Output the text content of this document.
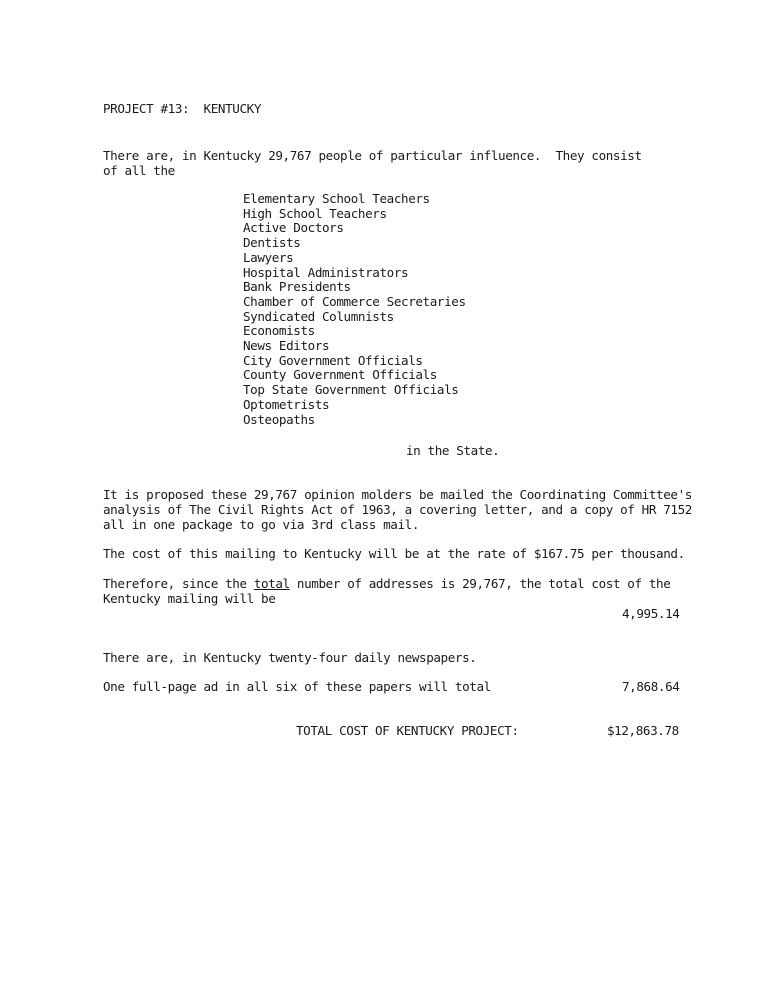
PROJECT #13:  KENTUCKY
There are, in Kentucky 29,767 people of particular influence.  They consist
of all the
Elementary School Teachers
High School Teachers
Active Doctors
Dentists
Lawyers
Hospital Administrators
Bank Presidents
Chamber of Commerce Secretaries
Syndicated Columnists
Economists
News Editors
City Government Officials
County Government Officials
Top State Government Officials
Optometrists
Osteopaths
in the State.
It is proposed these 29,767 opinion molders be mailed the Coordinating Committee's
analysis of The Civil Rights Act of 1963, a covering letter, and a copy of HR 7152
all in one package to go via 3rd class mail.
The cost of this mailing to Kentucky will be at the rate of $167.75 per thousand.
Therefore, since the total number of addresses is 29,767, the total cost of the
Kentucky mailing will be
4,995.14
There are, in Kentucky twenty-four daily newspapers.
One full-page ad in all six of these papers will total	7,868.64
TOTAL COST OF KENTUCKY PROJECT:	$12,863.78
